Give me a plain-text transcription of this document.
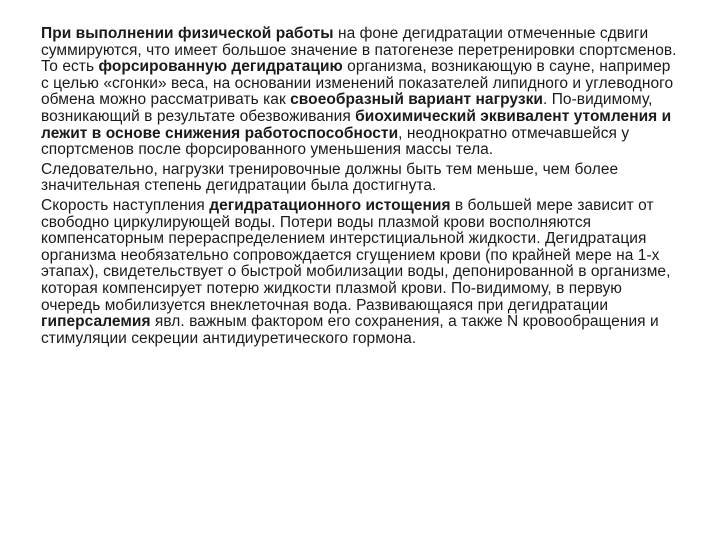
При выполнении физической работы на фоне дегидратации отмеченные сдвиги суммируются, что имеет большое значение в патогенезе перетренировки спортсменов. То есть форсированную дегидратацию организма, возникающую в сауне, например с целью «сгонки» веса, на основании изменений показателей липидного и углеводного обмена можно рассматривать как своеобразный вариант нагрузки. По-видимому, возникающий в результате обезвоживания биохимический эквивалент утомления и лежит в основе снижения работоспособности, неоднократно отмечавшейся у спортсменов после форсированного уменьшения массы тела.

Следовательно, нагрузки тренировочные должны быть тем меньше, чем более значительная степень дегидратации была достигнута.

Скорость наступления дегидратационного истощения в большей мере зависит от свободно циркулирующей воды. Потери воды плазмой крови восполняются компенсаторным перераспределением интерстициальной жидкости. Дегидратация организма необязательно сопровождается сгущением крови (по крайней мере на 1-х этапах), свидетельствует о быстрой мобилизации воды, депонированной в организме, которая компенсирует потерю жидкости плазмой крови. По-видимому, в первую очередь мобилизуется внеклеточная вода. Развивающаяся при дегидратации гиперсалемия явл. важным фактором его сохранения, а также N кровообращения и стимуляции секреции антидиуретического гормона.
